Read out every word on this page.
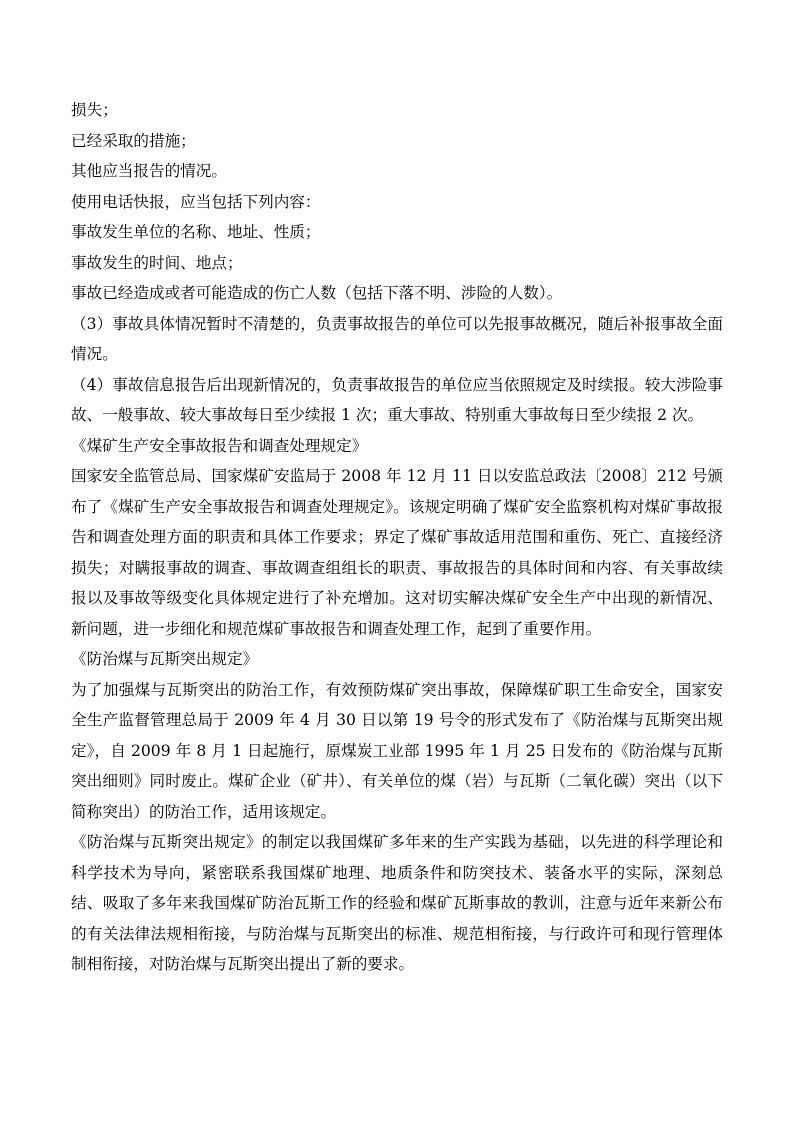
损失；

已经采取的措施；

其他应当报告的情况。

使用电话快报，应当包括下列内容：

事故发生单位的名称、地址、性质；

事故发生的时间、地点；

事故已经造成或者可能造成的伤亡人数（包括下落不明、涉险的人数）。

（3）事故具体情况暂时不清楚的，负责事故报告的单位可以先报事故概况，随后补报事故全面情况。

（4）事故信息报告后出现新情况的，负责事故报告的单位应当依照规定及时续报。较大涉险事故、一般事故、较大事故每日至少续报 1 次；重大事故、特别重大事故每日至少续报 2 次。

《煤矿生产安全事故报告和调查处理规定》

国家安全监管总局、国家煤矿安监局于 2008 年 12 月 11 日以安监总政法〔2008〕212 号颁布了《煤矿生产安全事故报告和调查处理规定》。该规定明确了煤矿安全监察机构对煤矿事故报告和调查处理方面的职责和具体工作要求；界定了煤矿事故适用范围和重伤、死亡、直接经济损失；对瞒报事故的调查、事故调查组组长的职责、事故报告的具体时间和内容、有关事故续报以及事故等级变化具体规定进行了补充增加。这对切实解决煤矿安全生产中出现的新情况、新问题，进一步细化和规范煤矿事故报告和调查处理工作，起到了重要作用。

《防治煤与瓦斯突出规定》

为了加强煤与瓦斯突出的防治工作，有效预防煤矿突出事故，保障煤矿职工生命安全，国家安全生产监督管理总局于 2009 年 4 月 30 日以第 19 号令的形式发布了《防治煤与瓦斯突出规定》，自 2009 年 8 月 1 日起施行，原煤炭工业部 1995 年 1 月 25 日发布的《防治煤与瓦斯突出细则》同时废止。煤矿企业（矿井）、有关单位的煤（岩）与瓦斯（二氧化碳）突出（以下简称突出）的防治工作，适用该规定。

《防治煤与瓦斯突出规定》的制定以我国煤矿多年来的生产实践为基础，以先进的科学理论和科学技术为导向，紧密联系我国煤矿地理、地质条件和防突技术、装备水平的实际，深刻总结、吸取了多年来我国煤矿防治瓦斯工作的经验和煤矿瓦斯事故的教训，注意与近年来新公布的有关法律法规相衔接，与防治煤与瓦斯突出的标准、规范相衔接，与行政许可和现行管理体制相衔接，对防治煤与瓦斯突出提出了新的要求。
